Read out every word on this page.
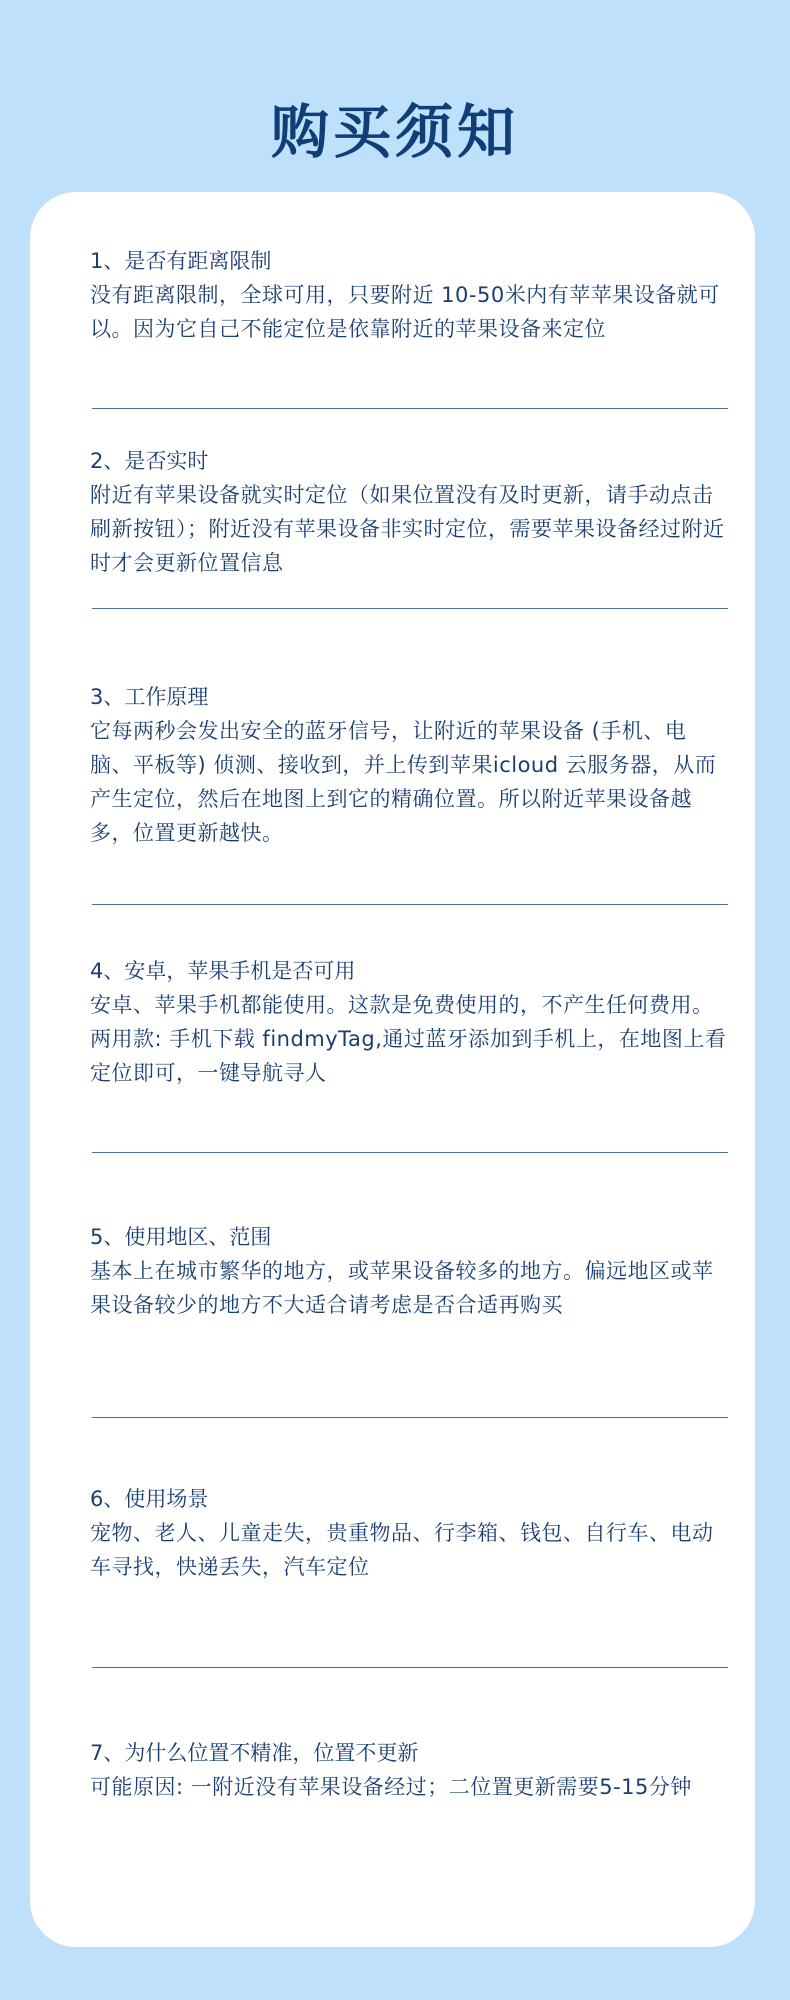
购买须知

1、是否有距离限制

没有距离限制，全球可用，只要附近 10-50米内有苹苹果设备就可以。因为它自己不能定位是依靠附近的苹果设备来定位

2、是否实时

附近有苹果设备就实时定位（如果位置没有及时更新，请手动点击刷新按钮）；附近没有苹果设备非实时定位，需要苹果设备经过附近时才会更新位置信息

3、工作原理

它每两秒会发出安全的蓝牙信号，让附近的苹果设备 (手机、电脑、平板等) 侦测、接收到，并上传到苹果icloud 云服务器，从而产生定位，然后在地图上到它的精确位置。所以附近苹果设备越多，位置更新越快。

4、安卓，苹果手机是否可用

安卓、苹果手机都能使用。这款是免费使用的，不产生任何费用。两用款: 手机下载 findmyTag,通过蓝牙添加到手机上，在地图上看定位即可，一键导航寻人

5、使用地区、范围

基本上在城市繁华的地方，或苹果设备较多的地方。偏远地区或苹果设备较少的地方不大适合请考虑是否合适再购买

6、使用场景

宠物、老人、儿童走失，贵重物品、行李箱、钱包、自行车、电动车寻找，快递丢失，汽车定位

7、为什么位置不精准，位置不更新

可能原因: 一附近没有苹果设备经过；二位置更新需要5-15分钟
